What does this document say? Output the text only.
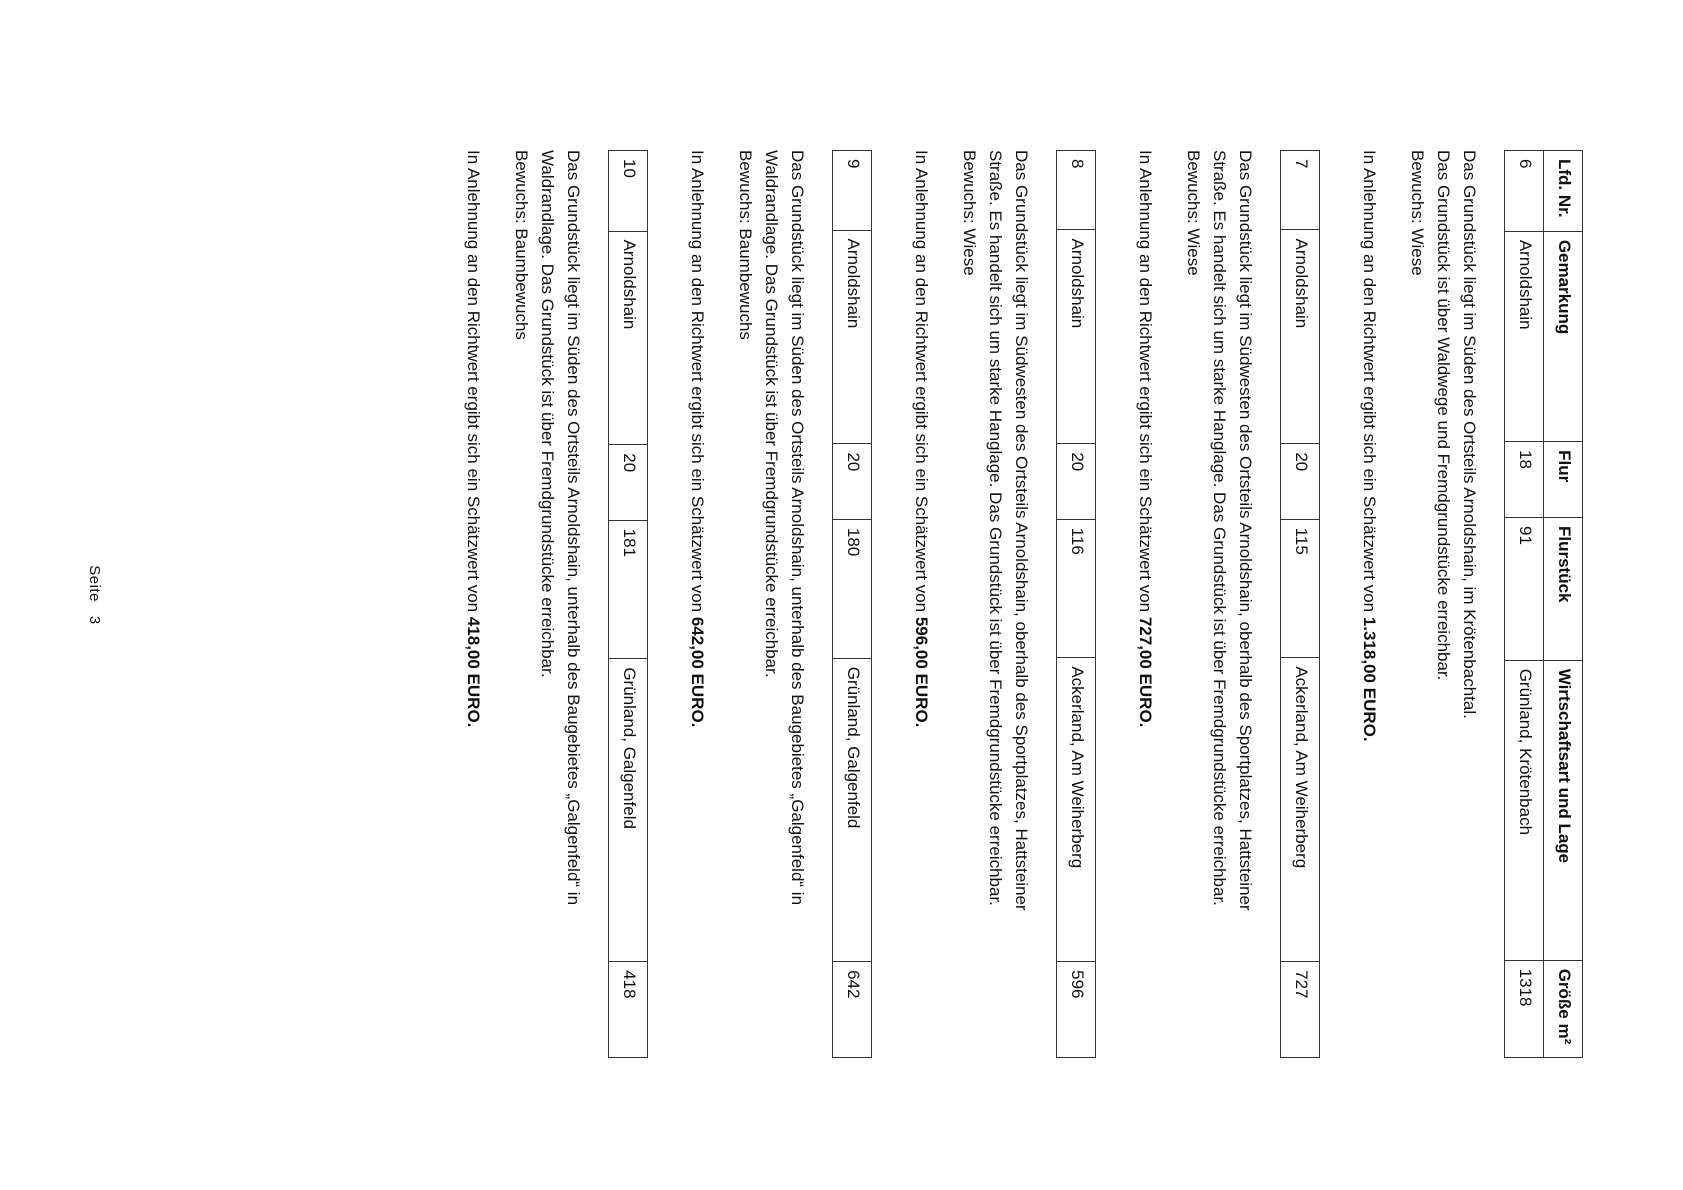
Lfd. Nr.	Gemarkung	Flur	Flurstück	Wirtschaftsart und Lage	Größe m²
6	Arnoldshain	18	91	Grünland, Krötenbach	1318

Das Grundstück liegt im Süden des Ortsteils Arnoldshain, im Krötenbachtal.
Das Grundstück ist über Waldwege und Fremdgrundstücke erreichbar.
Bewuchs: Wiese

In Anlehnung an den Richtwert ergibt sich ein Schätzwert von 1.318,00 EURO.

7	Arnoldshain	20	115	Ackerland, Am Weiherberg	727

Das Grundstück liegt im Südwesten des Ortsteils Arnoldshain, oberhalb des Sportplatzes, Hattsteiner
Straße. Es handelt sich um starke Hanglage. Das Grundstück ist über Fremdgrundstücke erreichbar.
Bewuchs: Wiese

In Anlehnung an den Richtwert ergibt sich ein Schätzwert von 727,00 EURO.

8	Arnoldshain	20	116	Ackerland, Am Weiherberg	596

Das Grundstück liegt im Südwesten des Ortsteils Arnoldshain, oberhalb des Sportplatzes, Hattsteiner
Straße. Es handelt sich um starke Hanglage. Das Grundstück ist über Fremdgrundstücke erreichbar.
Bewuchs: Wiese

In Anlehnung an den Richtwert ergibt sich ein Schätzwert von 596,00 EURO.

9	Arnoldshain	20	180	Grünland, Galgenfeld	642

Das Grundstück liegt im Süden des Ortsteils Arnoldshain, unterhalb des Baugebietes „Galgenfeld“ in
Waldrandlage. Das Grundstück ist über Fremdgrundstücke erreichbar.
Bewuchs: Baumbewuchs

In Anlehnung an den Richtwert ergibt sich ein Schätzwert von 642,00 EURO.

10	Arnoldshain	20	181	Grünland, Galgenfeld	418

Das Grundstück liegt im Süden des Ortsteils Arnoldshain, unterhalb des Baugebietes „Galgenfeld“ in
Waldrandlage. Das Grundstück ist über Fremdgrundstücke erreichbar.
Bewuchs: Baumbewuchs

In Anlehnung an den Richtwert ergibt sich ein Schätzwert von 418,00 EURO.

Seite3
